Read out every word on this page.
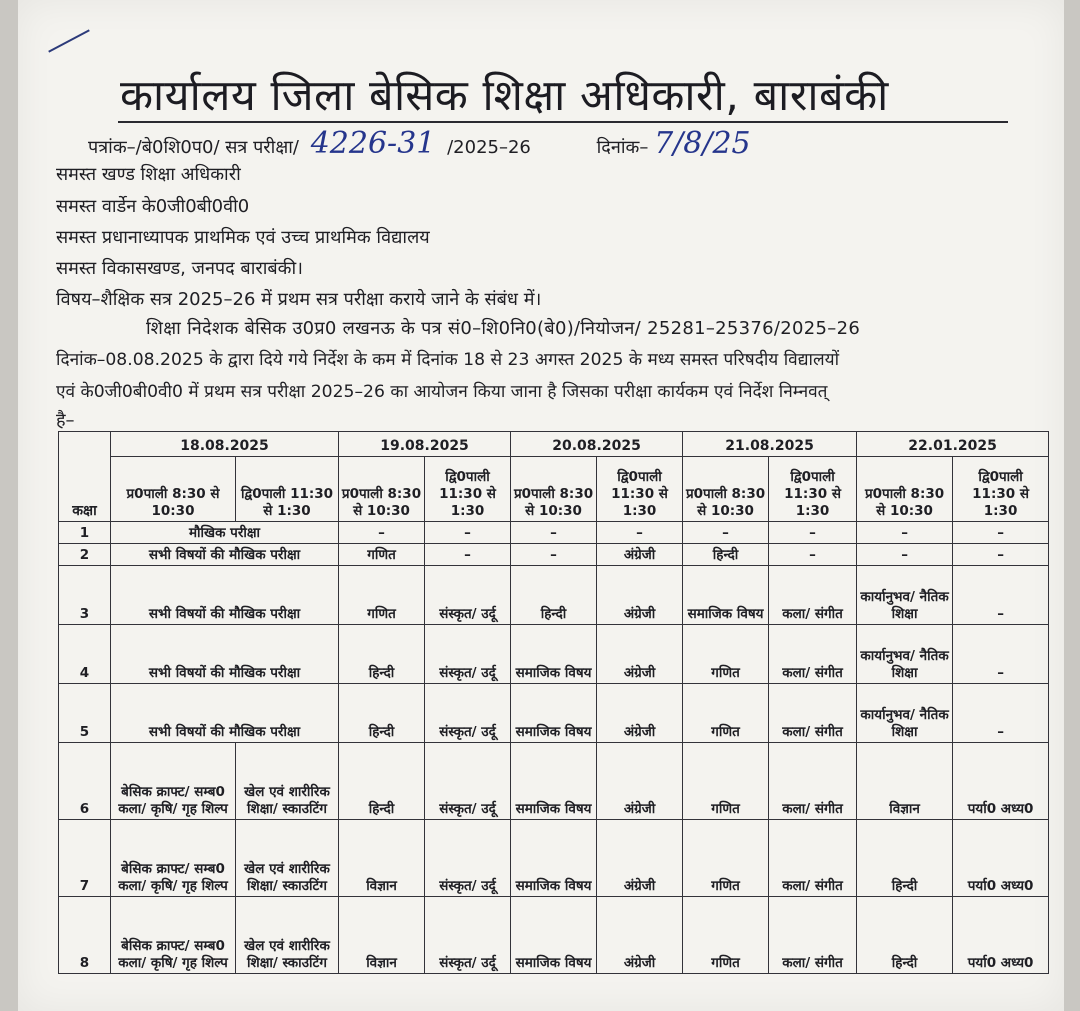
कार्यालय जिला बेसिक शिक्षा अधिकारी, बाराबंकी
पत्रांक–/बे0शि0प0/ सत्र परीक्षा/ 4226-31 /2025–26	दिनांक– 7/8/25
समस्त खण्ड शिक्षा अधिकारी
समस्त वार्डेन के0जी0बी0वी0
समस्त प्रधानाध्यापक प्राथमिक एवं उच्च प्राथमिक विद्यालय
समस्त विकासखण्ड, जनपद बाराबंकी।
विषय–शैक्षिक सत्र 2025–26 में प्रथम सत्र परीक्षा कराये जाने के संबंध में।
शिक्षा निदेशक बेसिक उ0प्र0 लखनऊ के पत्र सं0–शि0नि0(बे0)/नियोजन/ 25281–25376/2025–26
दिनांक–08.08.2025 के द्वारा दिये गये निर्देश के कम में दिनांक 18 से 23 अगस्त 2025 के मध्य समस्त परिषदीय विद्यालयों
एवं के0जी0बी0वी0 में प्रथम सत्र परीक्षा 2025–26 का आयोजन किया जाना है जिसका परीक्षा कार्यकम एवं निर्देश निम्नवत्
है–
कक्षा	18.08.2025		19.08.2025		20.08.2025		21.08.2025		22.01.2025	
	प्र0पाली 8:30 से 10:30	द्वि0पाली 11:30 से 1:30	प्र0पाली 8:30 से 10:30	द्वि0पाली 11:30 से 1:30	प्र0पाली 8:30 से 10:30	द्वि0पाली 11:30 से 1:30	प्र0पाली 8:30 से 10:30	द्वि0पाली 11:30 से 1:30	प्र0पाली 8:30 से 10:30	द्वि0पाली 11:30 से 1:30
1	मौखिक परीक्षा		–	–	–	–	–	–	–	–
2	सभी विषयों की मौखिक परीक्षा		गणित	–	–	अंग्रेजी	हिन्दी	–	–	–
3	सभी विषयों की मौखिक परीक्षा		गणित	संस्कृत/ उर्दू	हिन्दी	अंग्रेजी	समाजिक विषय	कला/ संगीत	कार्यानुभव/ नैतिक शिक्षा	–
4	सभी विषयों की मौखिक परीक्षा		हिन्दी	संस्कृत/ उर्दू	समाजिक विषय	अंग्रेजी	गणित	कला/ संगीत	कार्यानुभव/ नैतिक शिक्षा	–
5	सभी विषयों की मौखिक परीक्षा		हिन्दी	संस्कृत/ उर्दू	समाजिक विषय	अंग्रेजी	गणित	कला/ संगीत	कार्यानुभव/ नैतिक शिक्षा	–
6	बेसिक क्राफ्ट/ सम्ब0 कला/ कृषि/ गृह शिल्प	खेल एवं शारीरिक शिक्षा/ स्काउटिंग	हिन्दी	संस्कृत/ उर्दू	समाजिक विषय	अंग्रेजी	गणित	कला/ संगीत	विज्ञान	पर्या0 अध्य0
7	बेसिक क्राफ्ट/ सम्ब0 कला/ कृषि/ गृह शिल्प	खेल एवं शारीरिक शिक्षा/ स्काउटिंग	विज्ञान	संस्कृत/ उर्दू	समाजिक विषय	अंग्रेजी	गणित	कला/ संगीत	हिन्दी	पर्या0 अध्य0
8	बेसिक क्राफ्ट/ सम्ब0 कला/ कृषि/ गृह शिल्प	खेल एवं शारीरिक शिक्षा/ स्काउटिंग	विज्ञान	संस्कृत/ उर्दू	समाजिक विषय	अंग्रेजी	गणित	कला/ संगीत	हिन्दी	पर्या0 अध्य0
